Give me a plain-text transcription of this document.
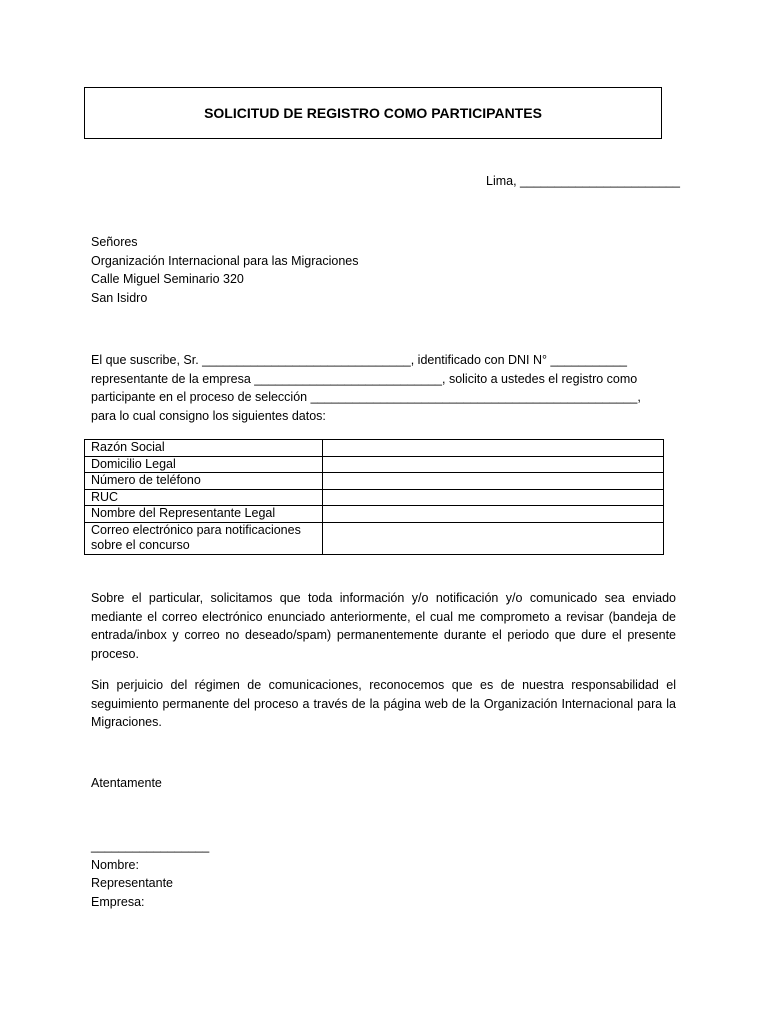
SOLICITUD DE REGISTRO COMO PARTICIPANTES
Lima, _______________________
Señores
Organización Internacional para las Migraciones
Calle Miguel Seminario 320
San Isidro
El que suscribe, Sr. ______________________________, identificado con DNI N° ___________
representante de la empresa ___________________________, solicito a ustedes el registro como
participante en el proceso de selección _______________________________________________,
para lo cual consigno los siguientes datos:
Razón Social	
Domicilio Legal	
Número de teléfono	
RUC	
Nombre del Representante Legal	
Correo electrónico para notificaciones sobre el concurso	
Sobre el particular, solicitamos que toda información y/o notificación y/o comunicado sea enviado mediante el correo electrónico enunciado anteriormente, el cual me comprometo a revisar (bandeja de entrada/inbox y correo no deseado/spam) permanentemente durante el periodo que dure el presente proceso.
Sin perjuicio del régimen de comunicaciones, reconocemos que es de nuestra responsabilidad el seguimiento permanente del proceso a través de la página web de la Organización Internacional para la Migraciones.
Atentamente
_________________
Nombre:
Representante
Empresa:
